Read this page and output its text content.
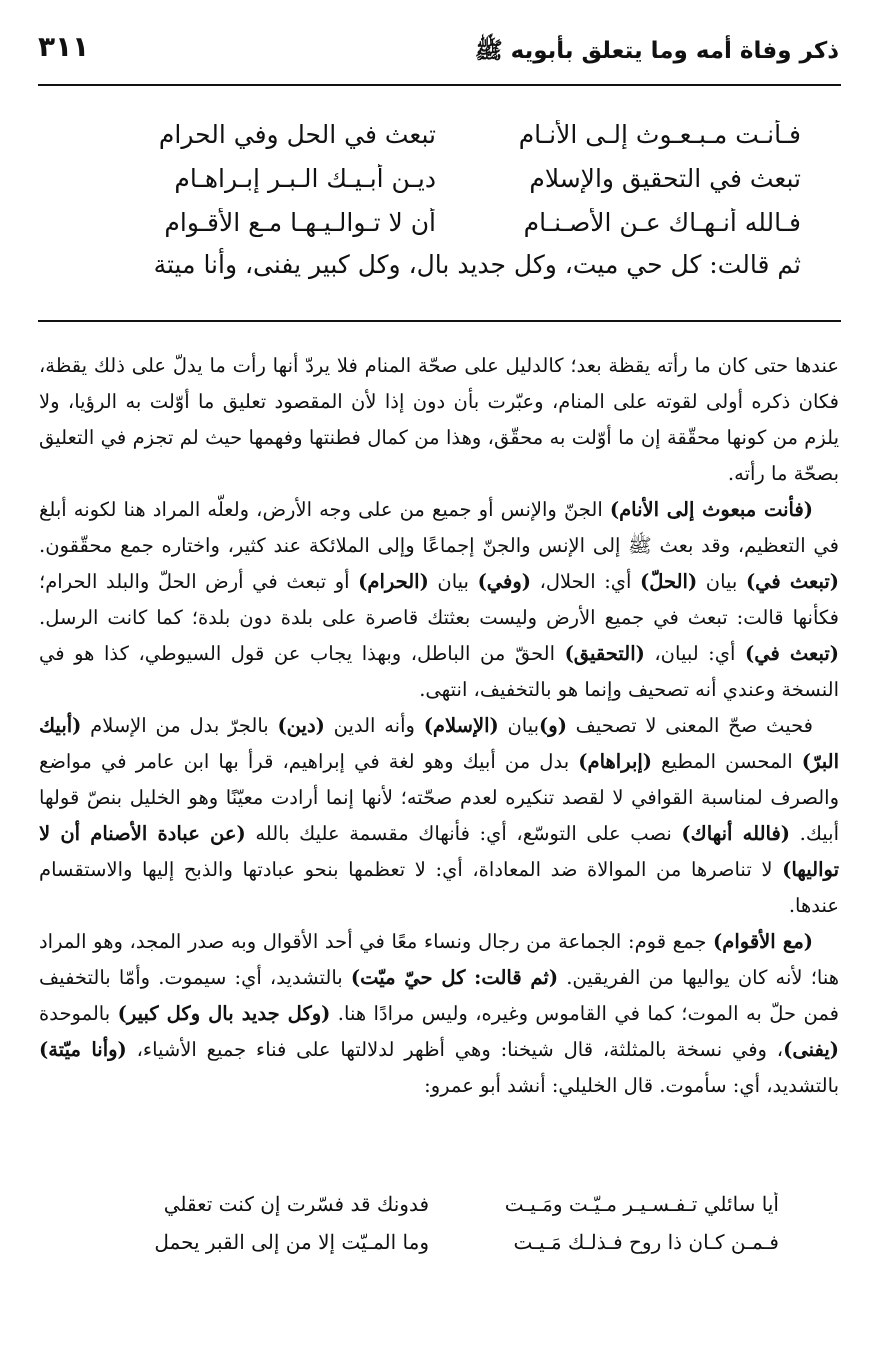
ذكر وفاة أمه وما يتعلق بأبويه ﷺ
٣١١
فـأنـت مـبـعـوث إلـى الأنـام
تبعث في الحل وفي الحرام
تبعث في التحقيق والإسلام
ديـن أبـيـك الـبـر إبـراهـام
فـالله أنـهـاك عـن الأصـنـام
أن لا تـوالـيـهـا مـع الأقـوام
ثم قالت: كل حي ميت، وكل جديد بال، وكل كبير يفنى، وأنا ميتة

عندها حتى كان ما رأته يقظة بعد؛ كالدليل على صحّة المنام فلا يردّ أنها رأت ما يدلّ على ذلك يقظة، فكان ذكره أولى لقوته على المنام، وعبّرت بأن دون إذا لأن المقصود تعليق ما أوّلت به الرؤيا، ولا يلزم من كونها محقّقة إن ما أوّلت به محقّق، وهذا من كمال فطنتها وفهمها حيث لم تجزم في التعليق بصحّة ما رأته.

(فأنت مبعوث إلى الأنام) الجنّ والإنس أو جميع من على وجه الأرض، ولعلّه المراد هنا لكونه أبلغ في التعظيم، وقد بعث ﷺ إلى الإنس والجنّ إجماعًا وإلى الملائكة عند كثير، واختاره جمع محقّقون. (تبعث في) بيان (الحلّ) أي: الحلال، (وفي) بيان (الحرام) أو تبعث في أرض الحلّ والبلد الحرام؛ فكأنها قالت: تبعث في جميع الأرض وليست بعثتك قاصرة على بلدة دون بلدة؛ كما كانت الرسل. (تبعث في) أي: لبيان، (التحقيق) الحقّ من الباطل، وبهذا يجاب عن قول السيوطي، كذا هو في النسخة وعندي أنه تصحيف وإنما هو بالتخفيف، انتهى.

فحيث صحّ المعنى لا تصحيف (و)بيان (الإسلام) وأنه الدين (دين) بالجرّ بدل من الإسلام (أبيك البرّ) المحسن المطيع (إبراهام) بدل من أبيك وهو لغة في إبراهيم، قرأ بها ابن عامر في مواضع والصرف لمناسبة القوافي لا لقصد تنكيره لعدم صحّته؛ لأنها إنما أرادت معيّنًا وهو الخليل بنصّ قولها أبيك. (فالله أنهاك) نصب على التوسّع، أي: فأنهاك مقسمة عليك بالله (عن عبادة الأصنام أن لا تواليها) لا تناصرها من الموالاة ضد المعاداة، أي: لا تعظمها بنحو عبادتها والذبح إليها والاستقسام عندها.

(مع الأقوام) جمع قوم: الجماعة من رجال ونساء معًا في أحد الأقوال وبه صدر المجد، وهو المراد هنا؛ لأنه كان يواليها من الفريقين. (ثم قالت: كل حيّ ميّت) بالتشديد، أي: سيموت. وأمّا بالتخفيف فمن حلّ به الموت؛ كما في القاموس وغيره، وليس مرادًا هنا. (وكل جديد بال وكل كبير) بالموحدة (يفنى)، وفي نسخة بالمثلثة، قال شيخنا: وهي أظهر لدلالتها على فناء جميع الأشياء، (وأنا ميّتة) بالتشديد، أي: سأموت. قال الخليلي: أنشد أبو عمرو:

أيا سائلي تـفـسـيـر مـيّـت ومَـيـت
فدونك قد فسّرت إن كنت تعقلي
فـمـن كـان ذا روح فـذلـك مَـيـت
وما المـيّت إلا من إلى القبر يحمل
